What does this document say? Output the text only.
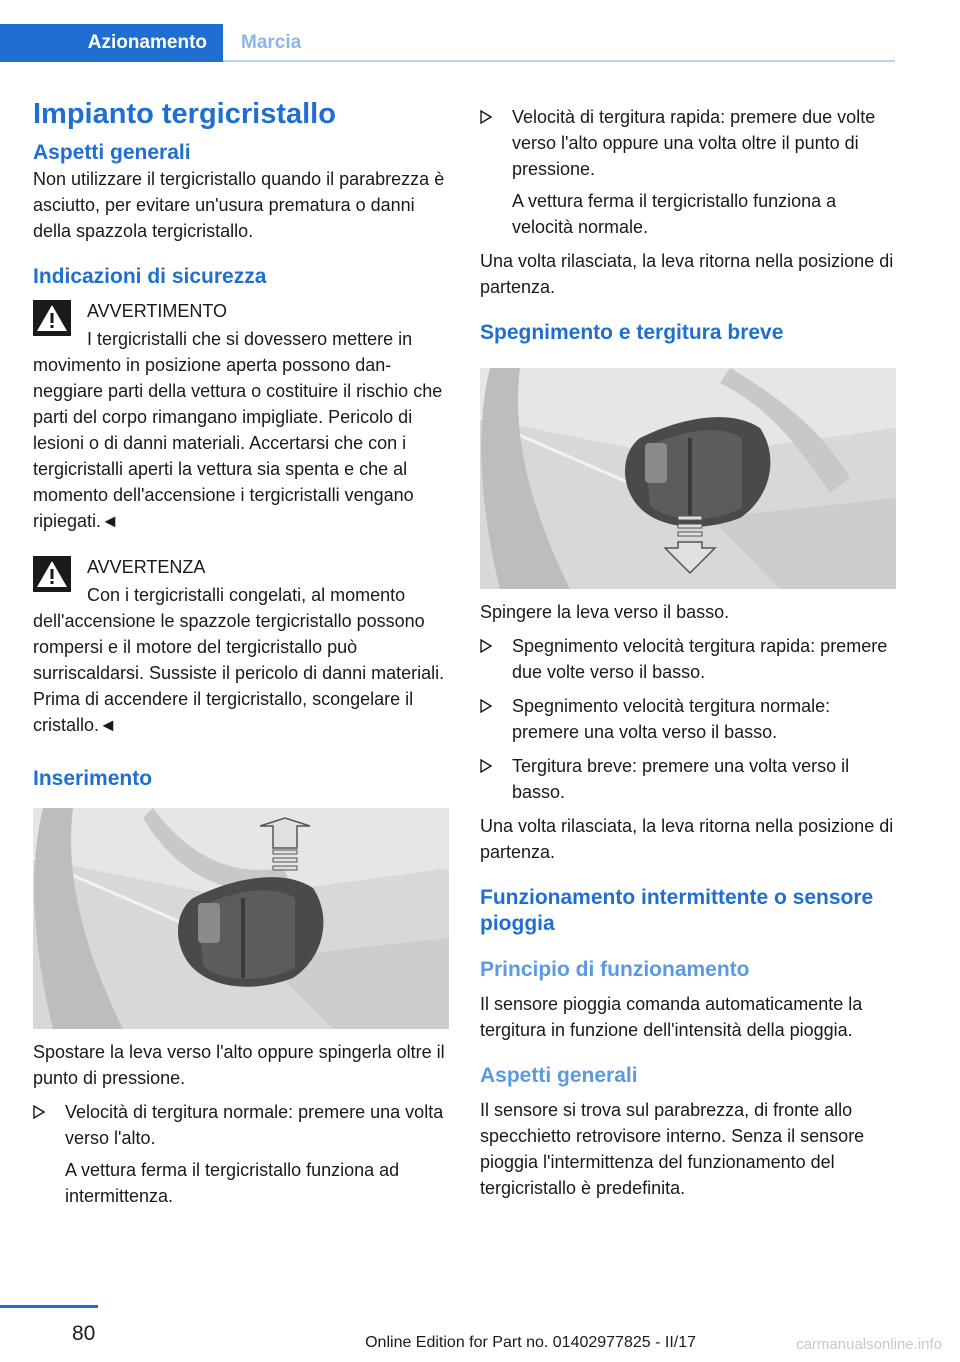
Azionamento	Marcia
Impianto tergicristallo
Aspetti generali

Non utilizzare il tergicristallo quando il parabrezza è asciutto, per evitare un'usura prematura o danni della spazzola tergicristallo.

Indicazioni di sicurezza

AVVERTIMENTO

I tergicristalli che si dovessero mettere in movimento in posizione aperta possono danneggiare parti della vettura o costituire il rischio che parti del corpo rimangano impigliate. Pericolo di lesioni o di danni materiali. Accertarsi che con i tergicristalli aperti la vettura sia spenta e che al momento dell'accensione i tergicristalli vengano ripiegati.◄

AVVERTENZA

Con i tergicristalli congelati, al momento dell'accensione le spazzole tergicristallo possono rompersi e il motore del tergicristallo può surriscaldarsi. Sussiste il pericolo di danni materiali. Prima di accendere il tergicristallo, scongelare il cristallo.◄

Inserimento

Spostare la leva verso l'alto oppure spingerla oltre il punto di pressione.

Velocità di tergitura normale: premere una volta verso l'alto.

A vettura ferma il tergicristallo funziona ad intermittenza.

Velocità di tergitura rapida: premere due volte verso l'alto oppure una volta oltre il punto di pressione.

A vettura ferma il tergicristallo funziona a velocità normale.

Una volta rilasciata, la leva ritorna nella posizione di partenza.

Spegnimento e tergitura breve

Spingere la leva verso il basso.

Spegnimento velocità tergitura rapida: premere due volte verso il basso.

Spegnimento velocità tergitura normale: premere una volta verso il basso.

Tergitura breve: premere una volta verso il basso.

Una volta rilasciata, la leva ritorna nella posizione di partenza.

Funzionamento intermittente o sensore pioggia
Principio di funzionamento

Il sensore pioggia comanda automaticamente la tergitura in funzione dell'intensità della pioggia.

Aspetti generali

Il sensore si trova sul parabrezza, di fronte allo specchietto retrovisore interno. Senza il sensore pioggia l'intermittenza del funzionamento del tergicristallo è predefinita.

80	Online Edition for Part no. 01402977825 - II/17	carmanualsonline.info
